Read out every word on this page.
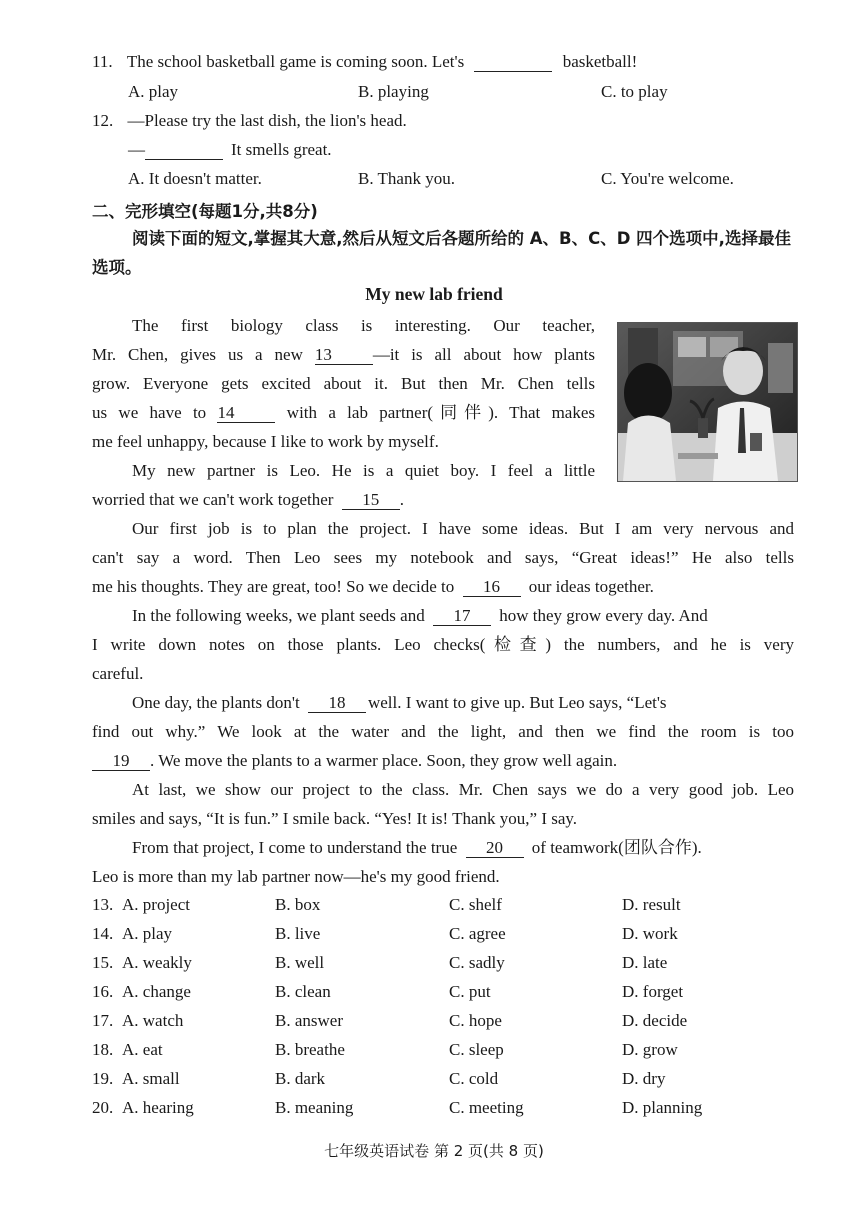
11. The school basketball game is coming soon. Let's	basketball!
A. play	B. playing	C. to play
12. —Please try the last dish, the lion's head.
—	It smells great.
A. It doesn't matter.	B. Thank you.	C. You're welcome.
二、完形填空(每题1分,共8分)
阅读下面的短文,掌握其大意,然后从短文后各题所给的 A、B、C、D 四个选项中,选择最佳选项。
My new lab friend
The first biology class is interesting. Our teacher,
Mr. Chen, gives us a new 13 —it is all about how plants
grow. Everyone gets excited about it. But then Mr. Chen tells
us we have to 14	with a lab partner(同伴). That makes
me feel unhappy, because I like to work by myself.
My new partner is Leo. He is a quiet boy. I feel a little
worried that we can't work together 15 .
Our first job is to plan the project. I have some ideas. But I am very nervous and
can't say a word. Then Leo sees my notebook and says, “Great ideas!” He also tells
me his thoughts. They are great, too! So we decide to 16 our ideas together.
In the following weeks, we plant seeds and 17 how they grow every day. And
I write down notes on those plants. Leo checks(检查) the numbers, and he is very
careful.
One day, the plants don't 18 well. I want to give up. But Leo says, “Let's
find out why.” We look at the water and the light, and then we find the room is too
19 . We move the plants to a warmer place. Soon, they grow well again.
At last, we show our project to the class. Mr. Chen says we do a very good job. Leo
smiles and says, “It is fun.” I smile back. “Yes! It is! Thank you,” I say.
From that project, I come to understand the true 20 of teamwork(团队合作).
Leo is more than my lab partner now—he's my good friend.
13. A. project	B. box	C. shelf	D. result
14. A. play	B. live	C. agree	D. work
15. A. weakly	B. well	C. sadly	D. late
16. A. change	B. clean	C. put	D. forget
17. A. watch	B. answer	C. hope	D. decide
18. A. eat	B. breathe	C. sleep	D. grow
19. A. small	B. dark	C. cold	D. dry
20. A. hearing	B. meaning	C. meeting	D. planning
七年级英语试卷 第 2 页(共 8 页)
